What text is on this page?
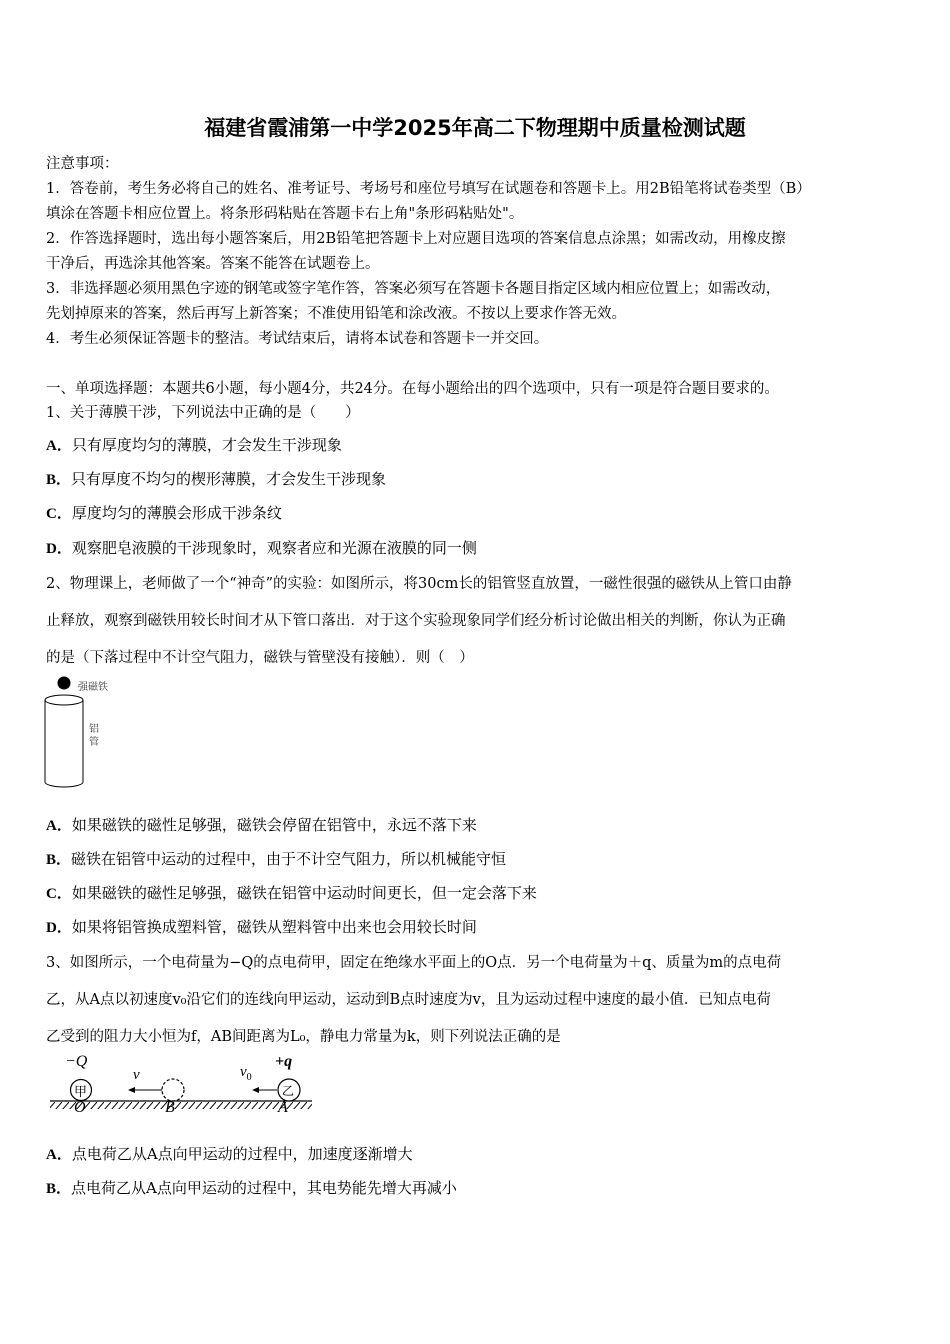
福建省霞浦第一中学2025年高二下物理期中质量检测试题
注意事项：
1．答卷前，考生务必将自己的姓名、准考证号、考场号和座位号填写在试题卷和答题卡上。用2B铅笔将试卷类型（B）
填涂在答题卡相应位置上。将条形码粘贴在答题卡右上角"条形码粘贴处"。
2．作答选择题时，选出每小题答案后，用2B铅笔把答题卡上对应题目选项的答案信息点涂黑；如需改动，用橡皮擦
干净后，再选涂其他答案。答案不能答在试题卷上。
3．非选择题必须用黑色字迹的钢笔或签字笔作答，答案必须写在答题卡各题目指定区域内相应位置上；如需改动，
先划掉原来的答案，然后再写上新答案；不准使用铅笔和涂改液。不按以上要求作答无效。
4．考生必须保证答题卡的整洁。考试结束后，请将本试卷和答题卡一并交回。
一、单项选择题：本题共6小题，每小题4分，共24分。在每小题给出的四个选项中，只有一项是符合题目要求的。
1、关于薄膜干涉，下列说法中正确的是（　　）
A．只有厚度均匀的薄膜，才会发生干涉现象
B．只有厚度不均匀的楔形薄膜，才会发生干涉现象
C．厚度均匀的薄膜会形成干涉条纹
D．观察肥皂液膜的干涉现象时，观察者应和光源在液膜的同一侧
2、物理课上，老师做了一个“神奇”的实验：如图所示，将30cm长的铝管竖直放置，一磁性很强的磁铁从上管口由静
止释放，观察到磁铁用较长时间才从下管口落出．对于这个实验现象同学们经分析讨论做出相关的判断，你认为正确
的是（下落过程中不计空气阻力，磁铁与管壁没有接触）．则（　）
强磁铁
铝
管
A．如果磁铁的磁性足够强，磁铁会停留在铝管中，永远不落下来
B．磁铁在铝管中运动的过程中，由于不计空气阻力，所以机械能守恒
C．如果磁铁的磁性足够强，磁铁在铝管中运动时间更长，但一定会落下来
D．如果将铝管换成塑料管，磁铁从塑料管中出来也会用较长时间
3、如图所示，一个电荷量为−Q的点电荷甲，固定在绝缘水平面上的O点．另一个电荷量为＋q、质量为m的点电荷
乙，从A点以初速度v₀沿它们的连线向甲运动，运动到B点时速度为v，且为运动过程中速度的最小值．已知点电荷
乙受到的阻力大小恒为f，AB间距离为L₀，静电力常量为k，则下列说法正确的是
−Q
甲
O
v
B
$v_0$
+q
乙
A
A．点电荷乙从A点向甲运动的过程中，加速度逐渐增大
B．点电荷乙从A点向甲运动的过程中，其电势能先增大再减小
